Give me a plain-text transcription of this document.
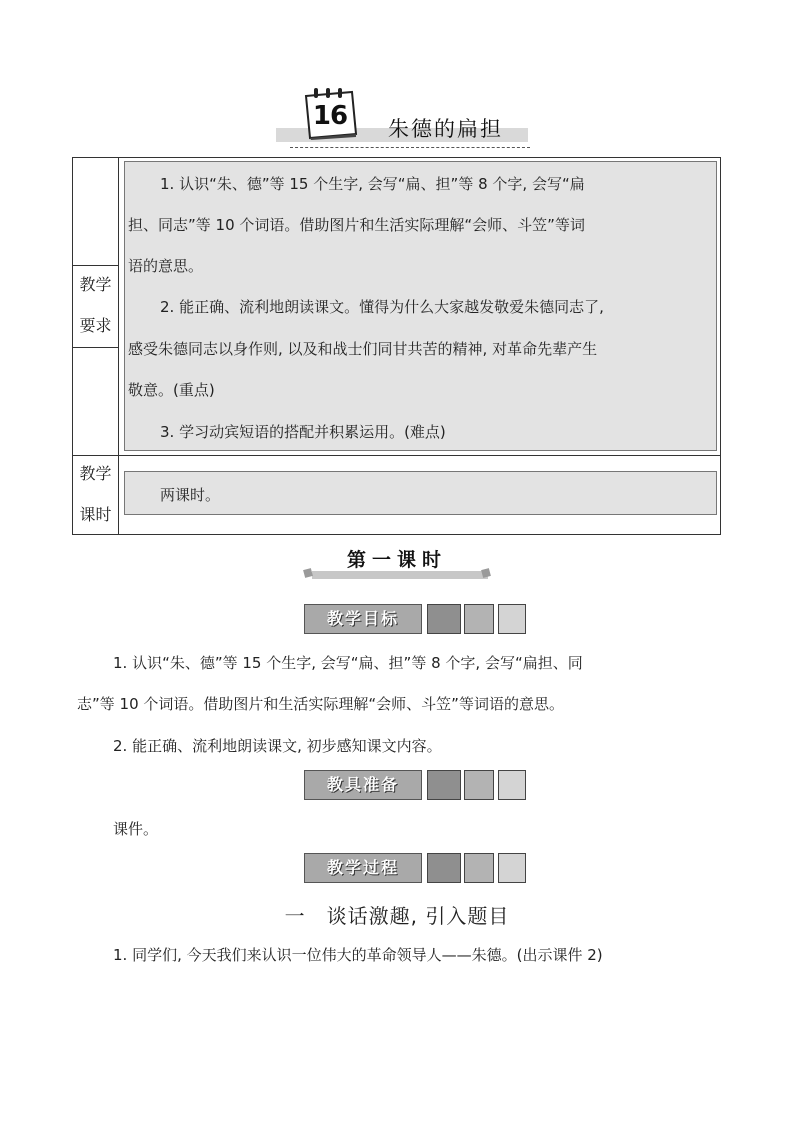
16	朱德的扁担
教学
要求
1. 认识“朱、德”等 15 个生字, 会写“扁、担”等 8 个字, 会写“扁
担、同志”等 10 个词语。借助图片和生活实际理解“会师、斗笠”等词
语的意思。
2. 能正确、流利地朗读课文。懂得为什么大家越发敬爱朱德同志了,
感受朱德同志以身作则, 以及和战士们同甘共苦的精神, 对革命先辈产生
敬意。(重点)
3. 学习动宾短语的搭配并积累运用。(难点)
教学
课时
两课时。
第一课时
教学目标
1. 认识“朱、德”等 15 个生字, 会写“扁、担”等 8 个字, 会写“扁担、同
志”等 10 个词语。借助图片和生活实际理解“会师、斗笠”等词语的意思。
2. 能正确、流利地朗读课文, 初步感知课文内容。
教具准备
课件。
教学过程
一　谈话激趣, 引入题目
1. 同学们, 今天我们来认识一位伟大的革命领导人——朱德。(出示课件 2)
